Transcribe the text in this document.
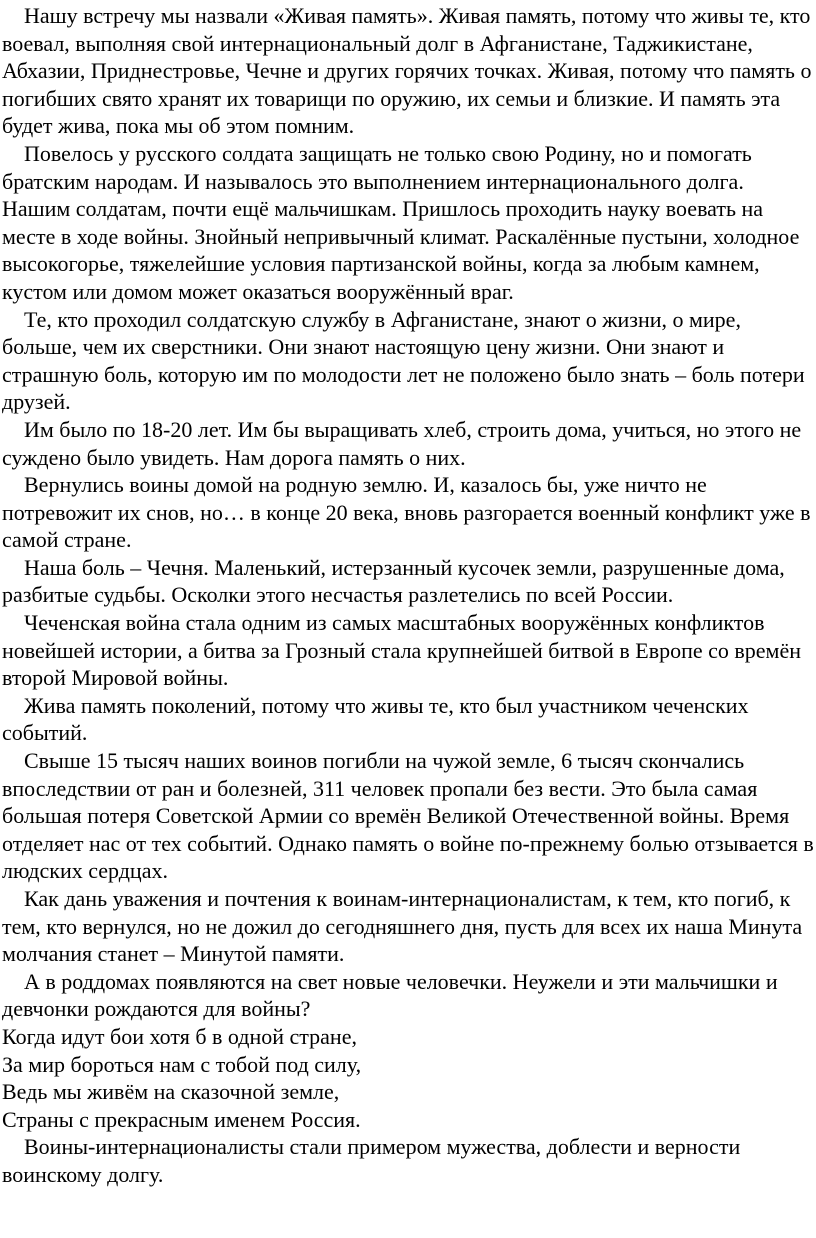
Нашу встречу мы назвали «Живая память». Живая память, потому что живы те, кто воевал, выполняя свой интернациональный долг в Афганистане, Таджикистане, Абхазии, Приднестровье, Чечне и других горячих точках. Живая, потому что память о погибших свято хранят их товарищи по оружию, их семьи и близкие. И память эта будет жива, пока мы об этом помним.

Повелось у русского солдата защищать не только свою Родину, но и помогать братским народам. И называлось это выполнением интернационального долга. Нашим солдатам, почти ещё мальчишкам. Пришлось проходить науку воевать на месте в ходе войны. Знойный непривычный климат. Раскалённые пустыни, холодное высокогорье, тяжелейшие условия партизанской войны, когда за любым камнем, кустом или домом может оказаться вооружённый враг.

Те, кто проходил солдатскую службу в Афганистане, знают о жизни, о мире, больше, чем их сверстники. Они знают настоящую цену жизни. Они знают и страшную боль, которую им по молодости лет не положено было знать – боль потери друзей.

Им было по 18-20 лет. Им бы выращивать хлеб, строить дома, учиться, но этого не суждено было увидеть. Нам дорога память о них.

Вернулись воины домой на родную землю. И, казалось бы, уже ничто не потревожит их снов, но… в конце 20 века, вновь разгорается военный конфликт уже в самой стране.

Наша боль – Чечня. Маленький, истерзанный кусочек земли, разрушенные дома, разбитые судьбы. Осколки этого несчастья разлетелись по всей России.

Чеченская война стала одним из самых масштабных вооружённых конфликтов новейшей истории, а битва за Грозный стала крупнейшей битвой в Европе со времён второй Мировой войны.

Жива память поколений, потому что живы те, кто был участником чеченских событий.

Свыше 15 тысяч наших воинов погибли на чужой земле, 6 тысяч скончались впоследствии от ран и болезней, 311 человек пропали без вести. Это была самая большая потеря Советской Армии со времён Великой Отечественной войны. Время отделяет нас от тех событий. Однако память о войне по-прежнему болью отзывается в людских сердцах.

Как дань уважения и почтения к воинам-интернационалистам, к тем, кто погиб, к тем, кто вернулся, но не дожил до сегодняшнего дня, пусть для всех их наша Минута молчания станет – Минутой памяти.

А в роддомах появляются на свет новые человечки. Неужели и эти мальчишки и девчонки рождаются для войны?

Когда идут бои хотя б в одной стране,

За мир бороться нам с тобой под силу,

Ведь мы живём на сказочной земле,

Страны с прекрасным именем Россия.

Воины-интернационалисты стали примером мужества, доблести и верности воинскому долгу.
